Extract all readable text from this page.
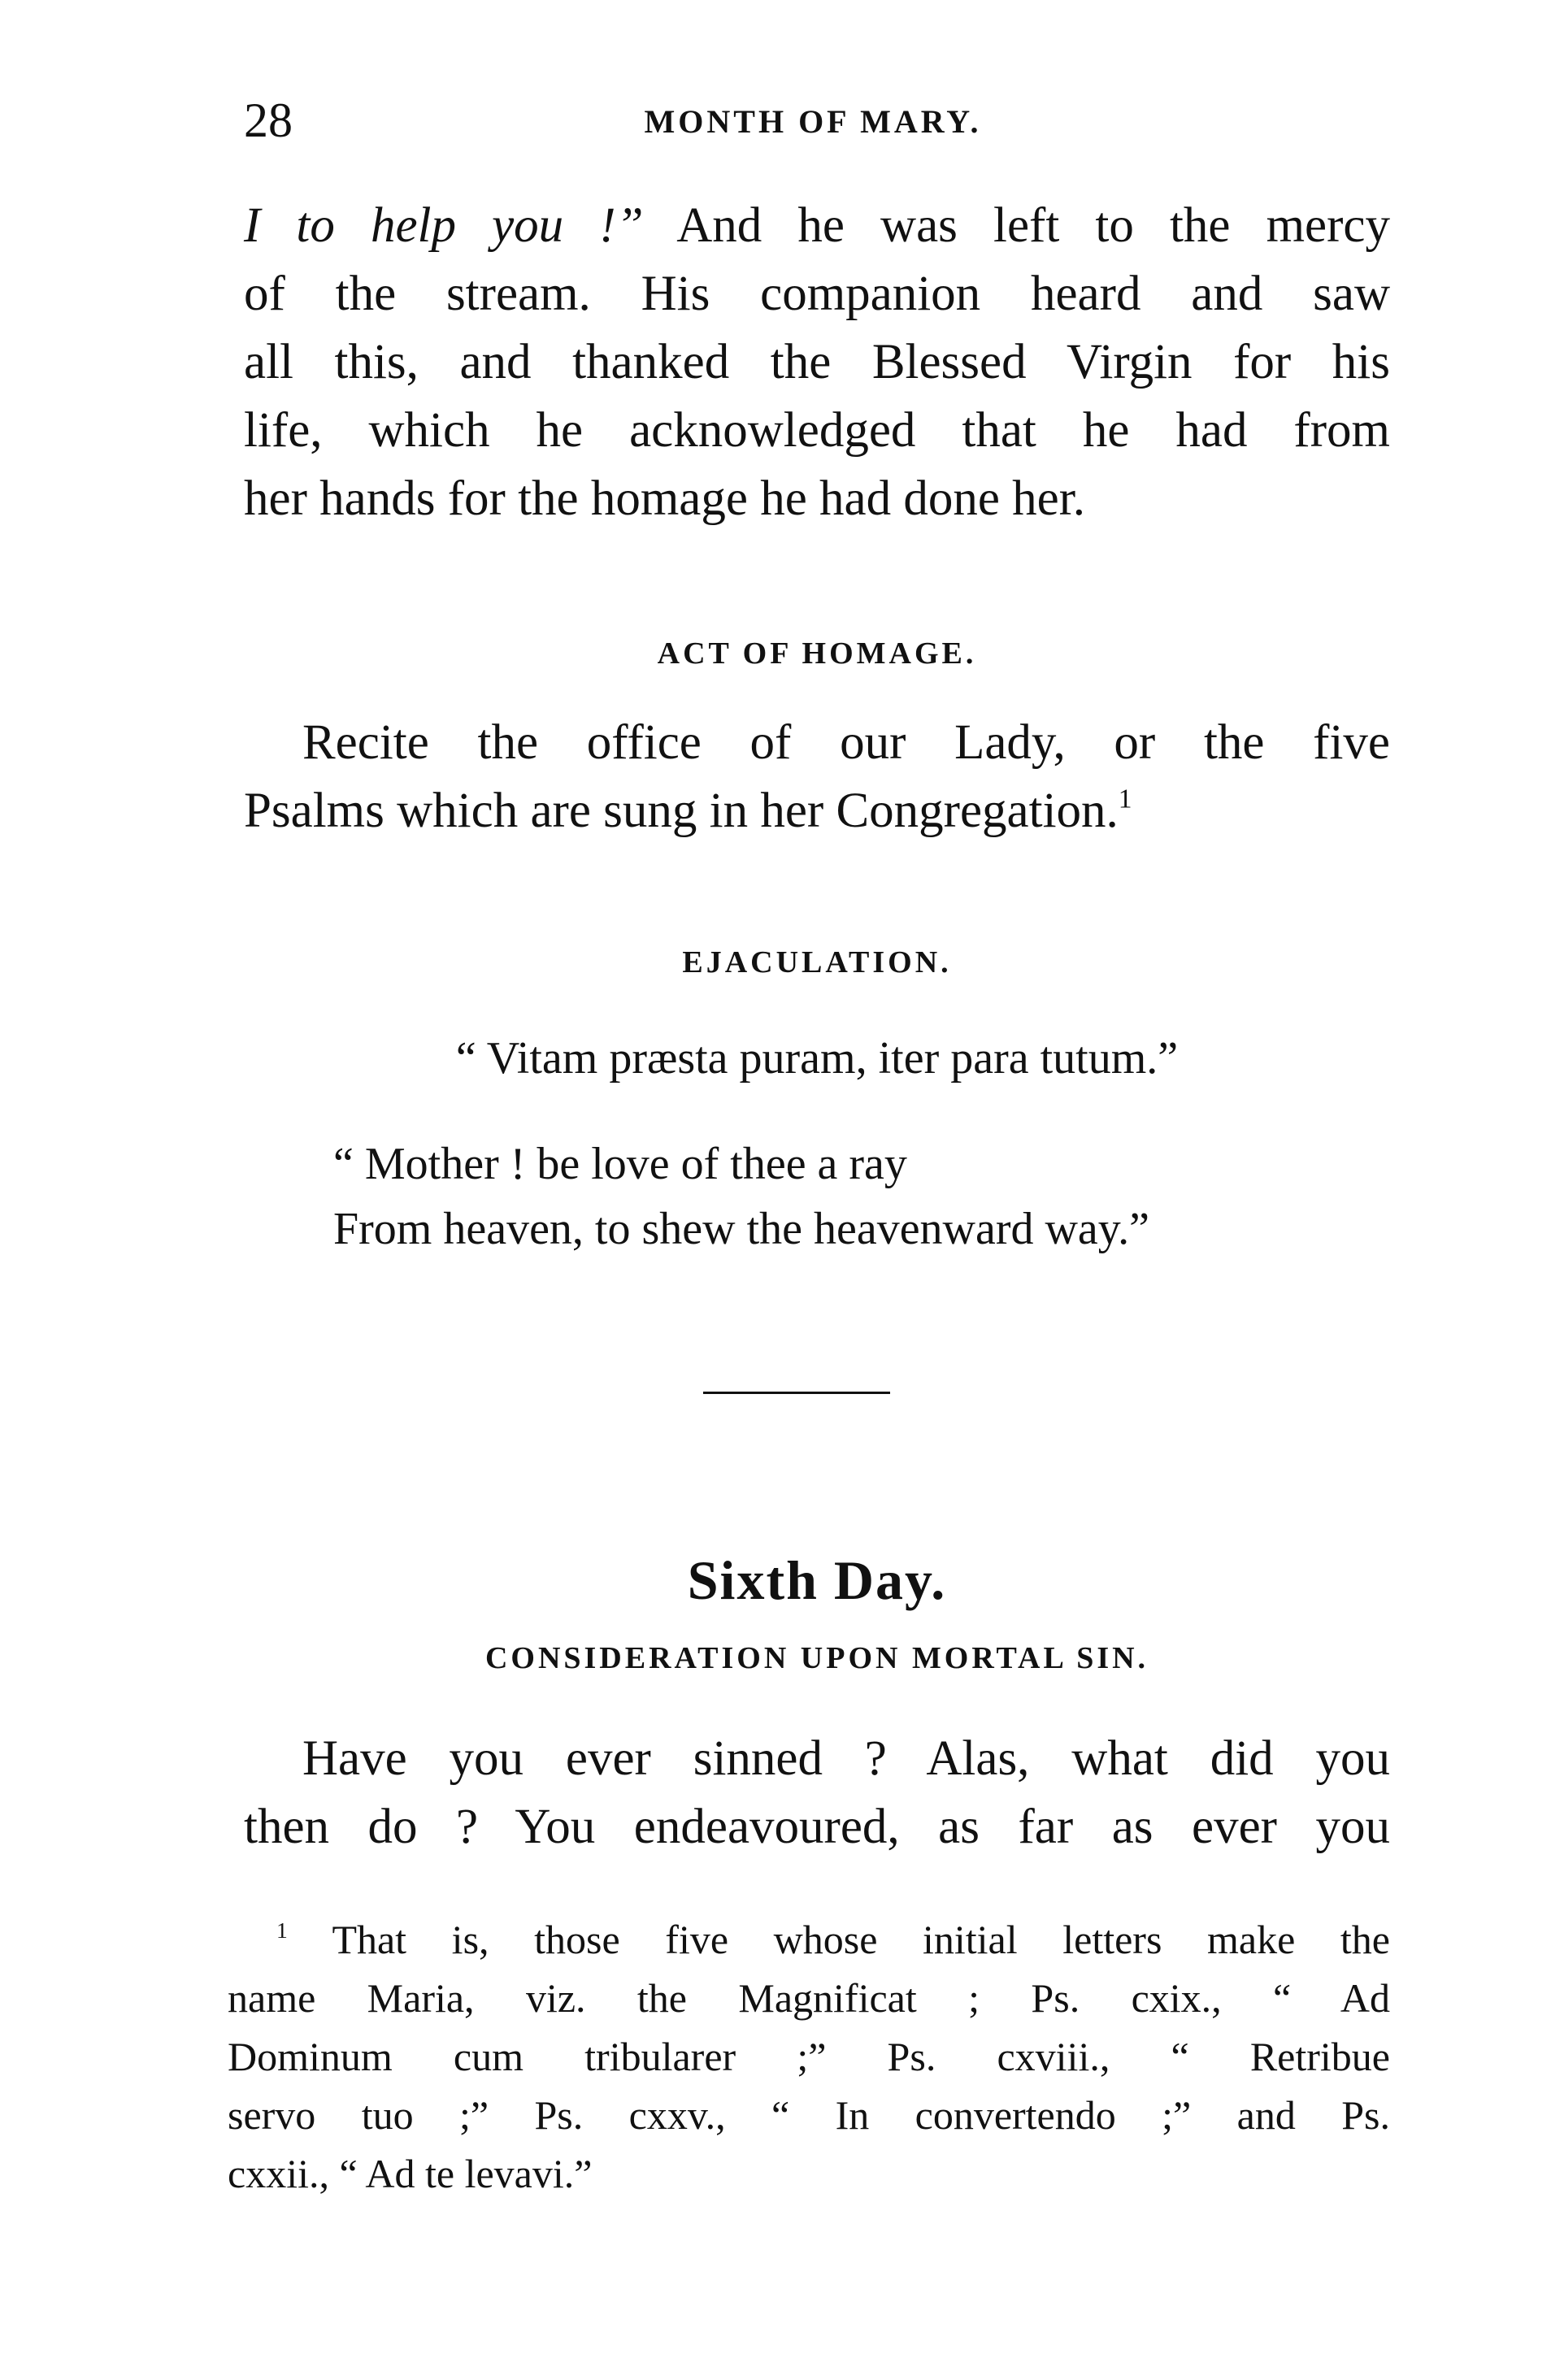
28	MONTH OF MARY.
I to help you !” And he was left to the mercy
of the stream. His companion heard and saw
all this, and thanked the Blessed Virgin for his
life, which he acknowledged that he had from
her hands for the homage he had done her.
ACT OF HOMAGE.
Recite the office of our Lady, or the five
Psalms which are sung in her Congregation.$^1$
EJACULATION.
“ Vitam præsta puram, iter para tutum.”
“ Mother ! be love of thee a ray
From heaven, to shew the heavenward way.”
Sixth Day.
CONSIDERATION UPON MORTAL SIN.
Have you ever sinned ? Alas, what did you
then do ? You endeavoured, as far as ever you
$^1$ That is, those five whose initial letters make the
name Maria, viz. the Magnificat ; Ps. cxix., “ Ad
Dominum cum tribularer ;” Ps. cxviii., “ Retribue
servo tuo ;” Ps. cxxv., “ In convertendo ;” and Ps.
cxxii., “ Ad te levavi.”
